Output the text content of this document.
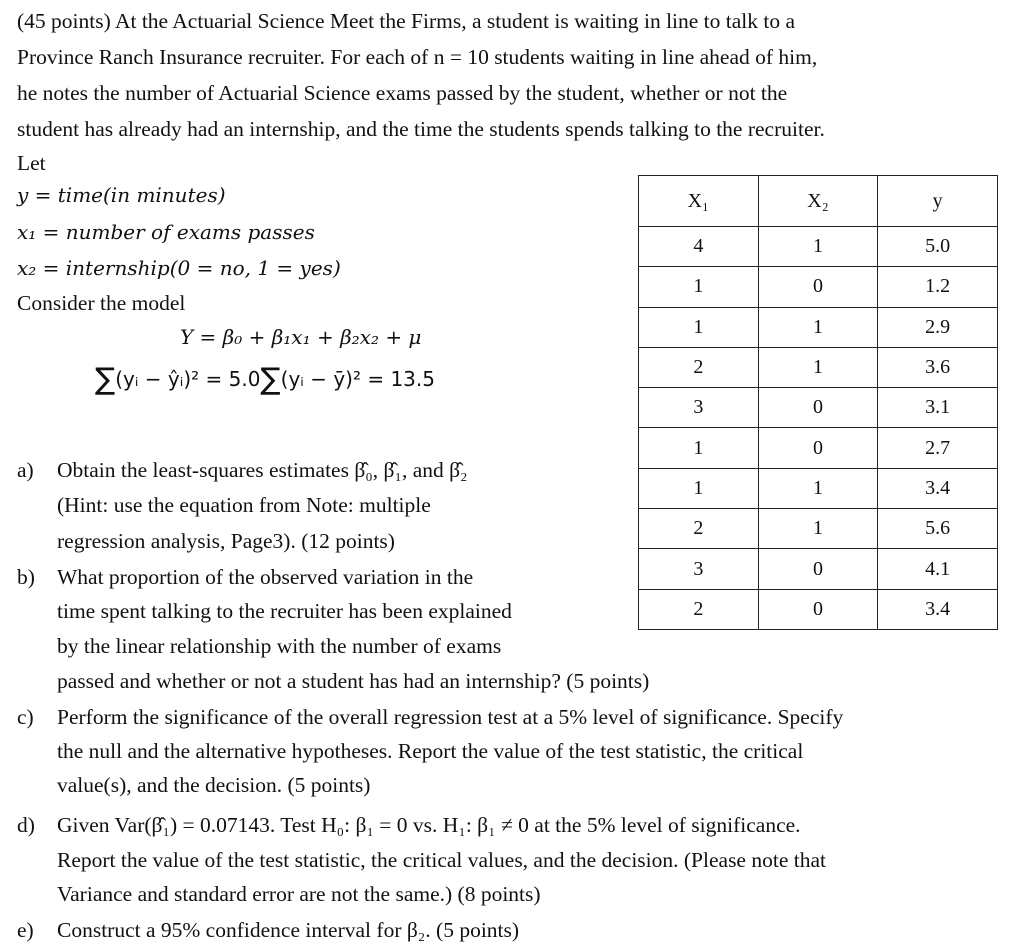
(45 points) At the Actuarial Science Meet the Firms, a student is waiting in line to talk to a
Province Ranch Insurance recruiter. For each of n = 10 students waiting in line ahead of him,
he notes the number of Actuarial Science exams passed by the student, whether or not the
student has already had an internship, and the time the students spends talking to the recruiter.
Let
y = time(in minutes)
x₁ = number of exams passes
x₂ = internship(0 = no, 1 = yes)
Consider the model
Y = β₀ + β₁x₁ + β₂x₂ + μ
∑(yᵢ − ŷᵢ)² = 5.0∑(yᵢ − ȳ)² = 13.5
X₁	X₂	y
4	1	5.0
1	0	1.2
1	1	2.9
2	1	3.6
3	0	3.1
1	0	2.7
1	1	3.4
2	1	5.6
3	0	4.1
2	0	3.4
a) Obtain the least-squares estimates β̂₀, β̂₁, and β̂₂
(Hint: use the equation from Note: multiple
regression analysis, Page3). (12 points)
b) What proportion of the observed variation in the
time spent talking to the recruiter has been explained
by the linear relationship with the number of exams
passed and whether or not a student has had an internship? (5 points)
c) Perform the significance of the overall regression test at a 5% level of significance. Specify
the null and the alternative hypotheses. Report the value of the test statistic, the critical
value(s), and the decision. (5 points)
d) Given Var(β̂₁) = 0.07143. Test H₀: β₁ = 0 vs. H₁: β₁ ≠ 0 at the 5% level of significance.
Report the value of the test statistic, the critical values, and the decision. (Please note that
Variance and standard error are not the same.) (8 points)
e) Construct a 95% confidence interval for β₂. (5 points)
